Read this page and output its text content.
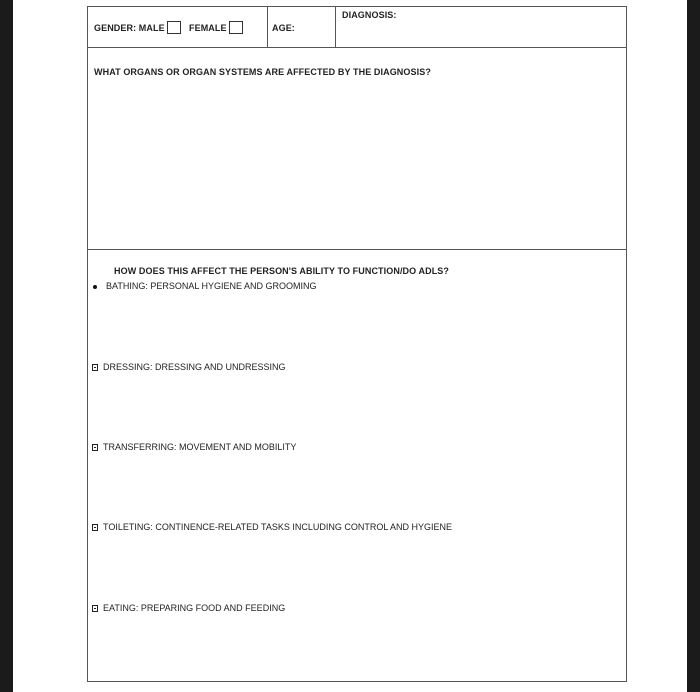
GENDER: MALE	FEMALE	AGE:
DIAGNOSIS:
WHAT ORGANS OR ORGAN SYSTEMS ARE AFFECTED BY THE DIAGNOSIS?
HOW DOES THIS AFFECT THE PERSON'S ABILITY TO FUNCTION/DO ADLS?
BATHING: PERSONAL HYGIENE AND GROOMING
DRESSING: DRESSING AND UNDRESSING
TRANSFERRING: MOVEMENT AND MOBILITY
TOILETING: CONTINENCE-RELATED TASKS INCLUDING CONTROL AND HYGIENE
EATING: PREPARING FOOD AND FEEDING
